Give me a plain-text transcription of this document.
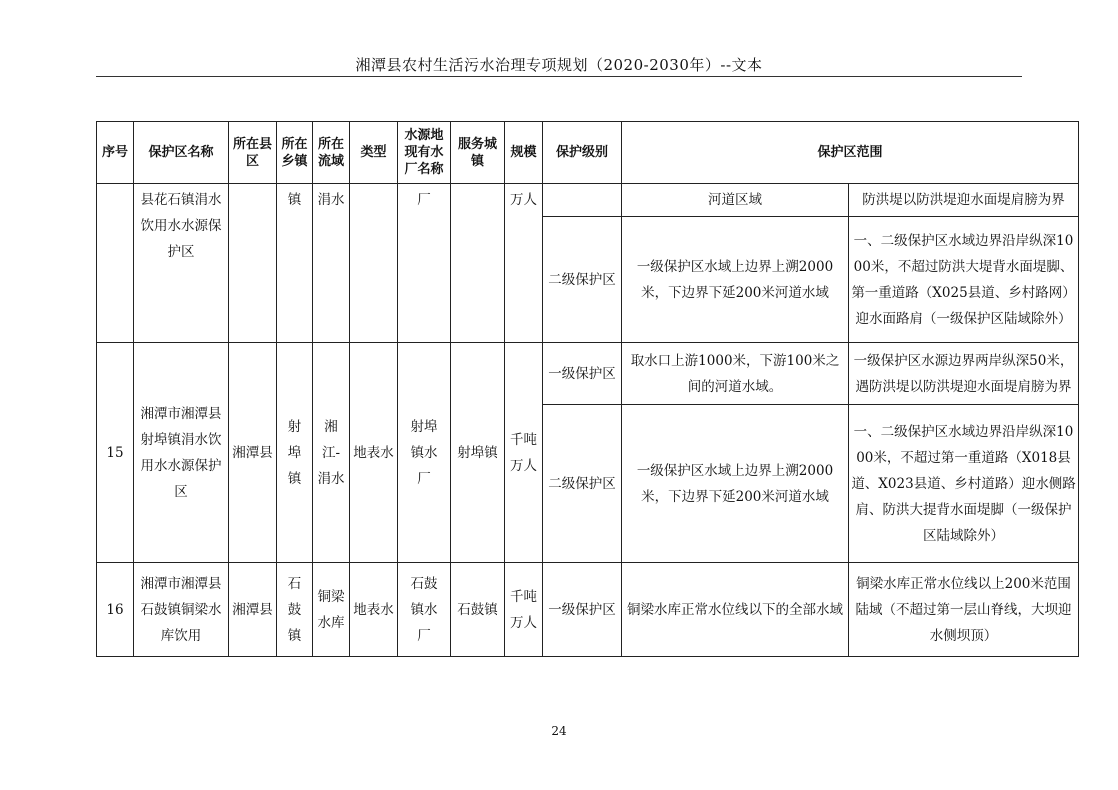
湘潭县农村生活污水治理专项规划（2020-2030年）--文本
序号	保护区名称	所在县区	所在乡镇	所在流域	类型	水源地现有水厂名称	服务城镇	规模	保护级别	保护区范围	
	县花石镇涓水饮用水水源保护区		镇	涓水		厂		万人		河道区域	防洪堤以防洪堤迎水面堤肩膀为界
									二级保护区	一级保护区水域上边界上溯2000米，下边界下延200米河道水域	一、二级保护区水域边界沿岸纵深1000米，不超过防洪大堤背水面堤脚、第一重道路（X025县道、乡村路网）迎水面路肩（一级保护区陆域除外）
15	湘潭市湘潭县射埠镇涓水饮用水水源保护区	湘潭县	射埠镇	湘江-涓水	地表水	射埠镇水厂	射埠镇	千吨万人	一级保护区	取水口上游1000米，下游100米之间的河道水域。	一级保护区水源边界两岸纵深50米，遇防洪堤以防洪堤迎水面堤肩膀为界
									二级保护区	一级保护区水域上边界上溯2000米，下边界下延200米河道水域	一、二级保护区水域边界沿岸纵深1000米，不超过第一重道路（X018县道、X023县道、乡村道路）迎水侧路肩、防洪大提背水面堤脚（一级保护区陆域除外）
16	湘潭市湘潭县石鼓镇铜梁水库饮用	湘潭县	石鼓镇	铜梁水库	地表水	石鼓镇水厂	石鼓镇	千吨万人	一级保护区	铜梁水库正常水位线以下的全部水域	铜梁水库正常水位线以上200米范围陆域（不超过第一层山脊线，大坝迎水侧坝顶）
24
